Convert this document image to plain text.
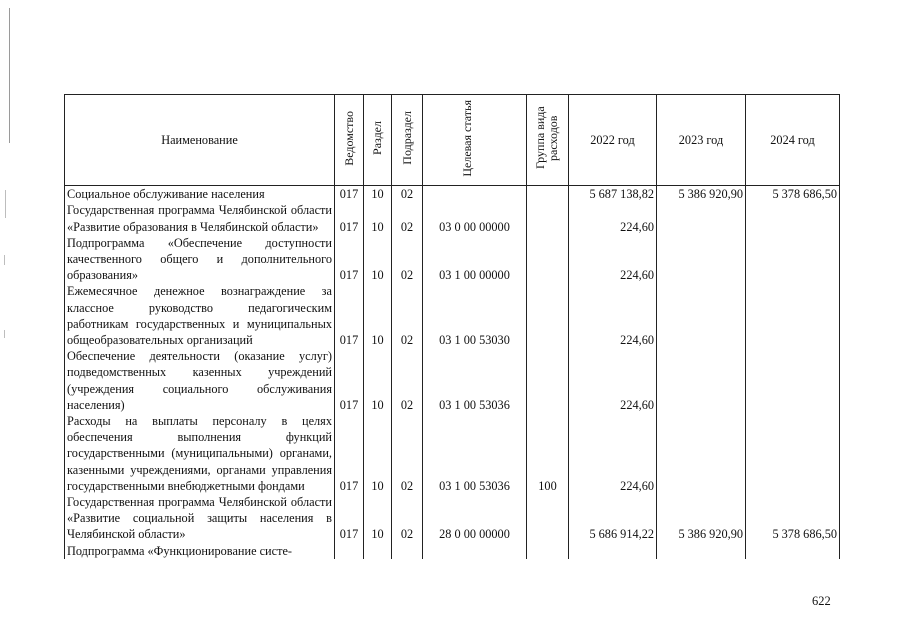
Наименование	Ведомство	Раздел	Подраздел	Целевая статья	Группа вида расходов	2022 год	2023 год	2024 год
Социальное обслуживание населения	017	10	02			5 687 138,82	5 386 920,90	5 378 686,50
Государственная программа Челябинской области «Развитие образования в Челябинской области»	017	10	02	03 0 00 00000		224,60		
Подпрограмма «Обеспечение доступности качественного общего и дополнительного образования»	017	10	02	03 1 00 00000		224,60		
Ежемесячное денежное вознаграждение за классное руководство педагогическим работникам государственных и муниципальных общеобразовательных организаций	017	10	02	03 1 00 53030		224,60		
Обеспечение деятельности (оказание услуг) подведомственных казенных учреждений (учреждения социального обслуживания населения)	017	10	02	03 1 00 53036		224,60		
Расходы на выплаты персоналу в целях обеспечения выполнения функций государственными (муниципальными) органами, казенными учреждениями, органами управления государственными внебюджетными фондами	017	10	02	03 1 00 53036	100	224,60		
Государственная программа Челябинской области «Развитие социальной защиты населения в Челябинской области»	017	10	02	28 0 00 00000		5 686 914,22	5 386 920,90	5 378 686,50
Подпрограмма «Функционирование систе-								
622
